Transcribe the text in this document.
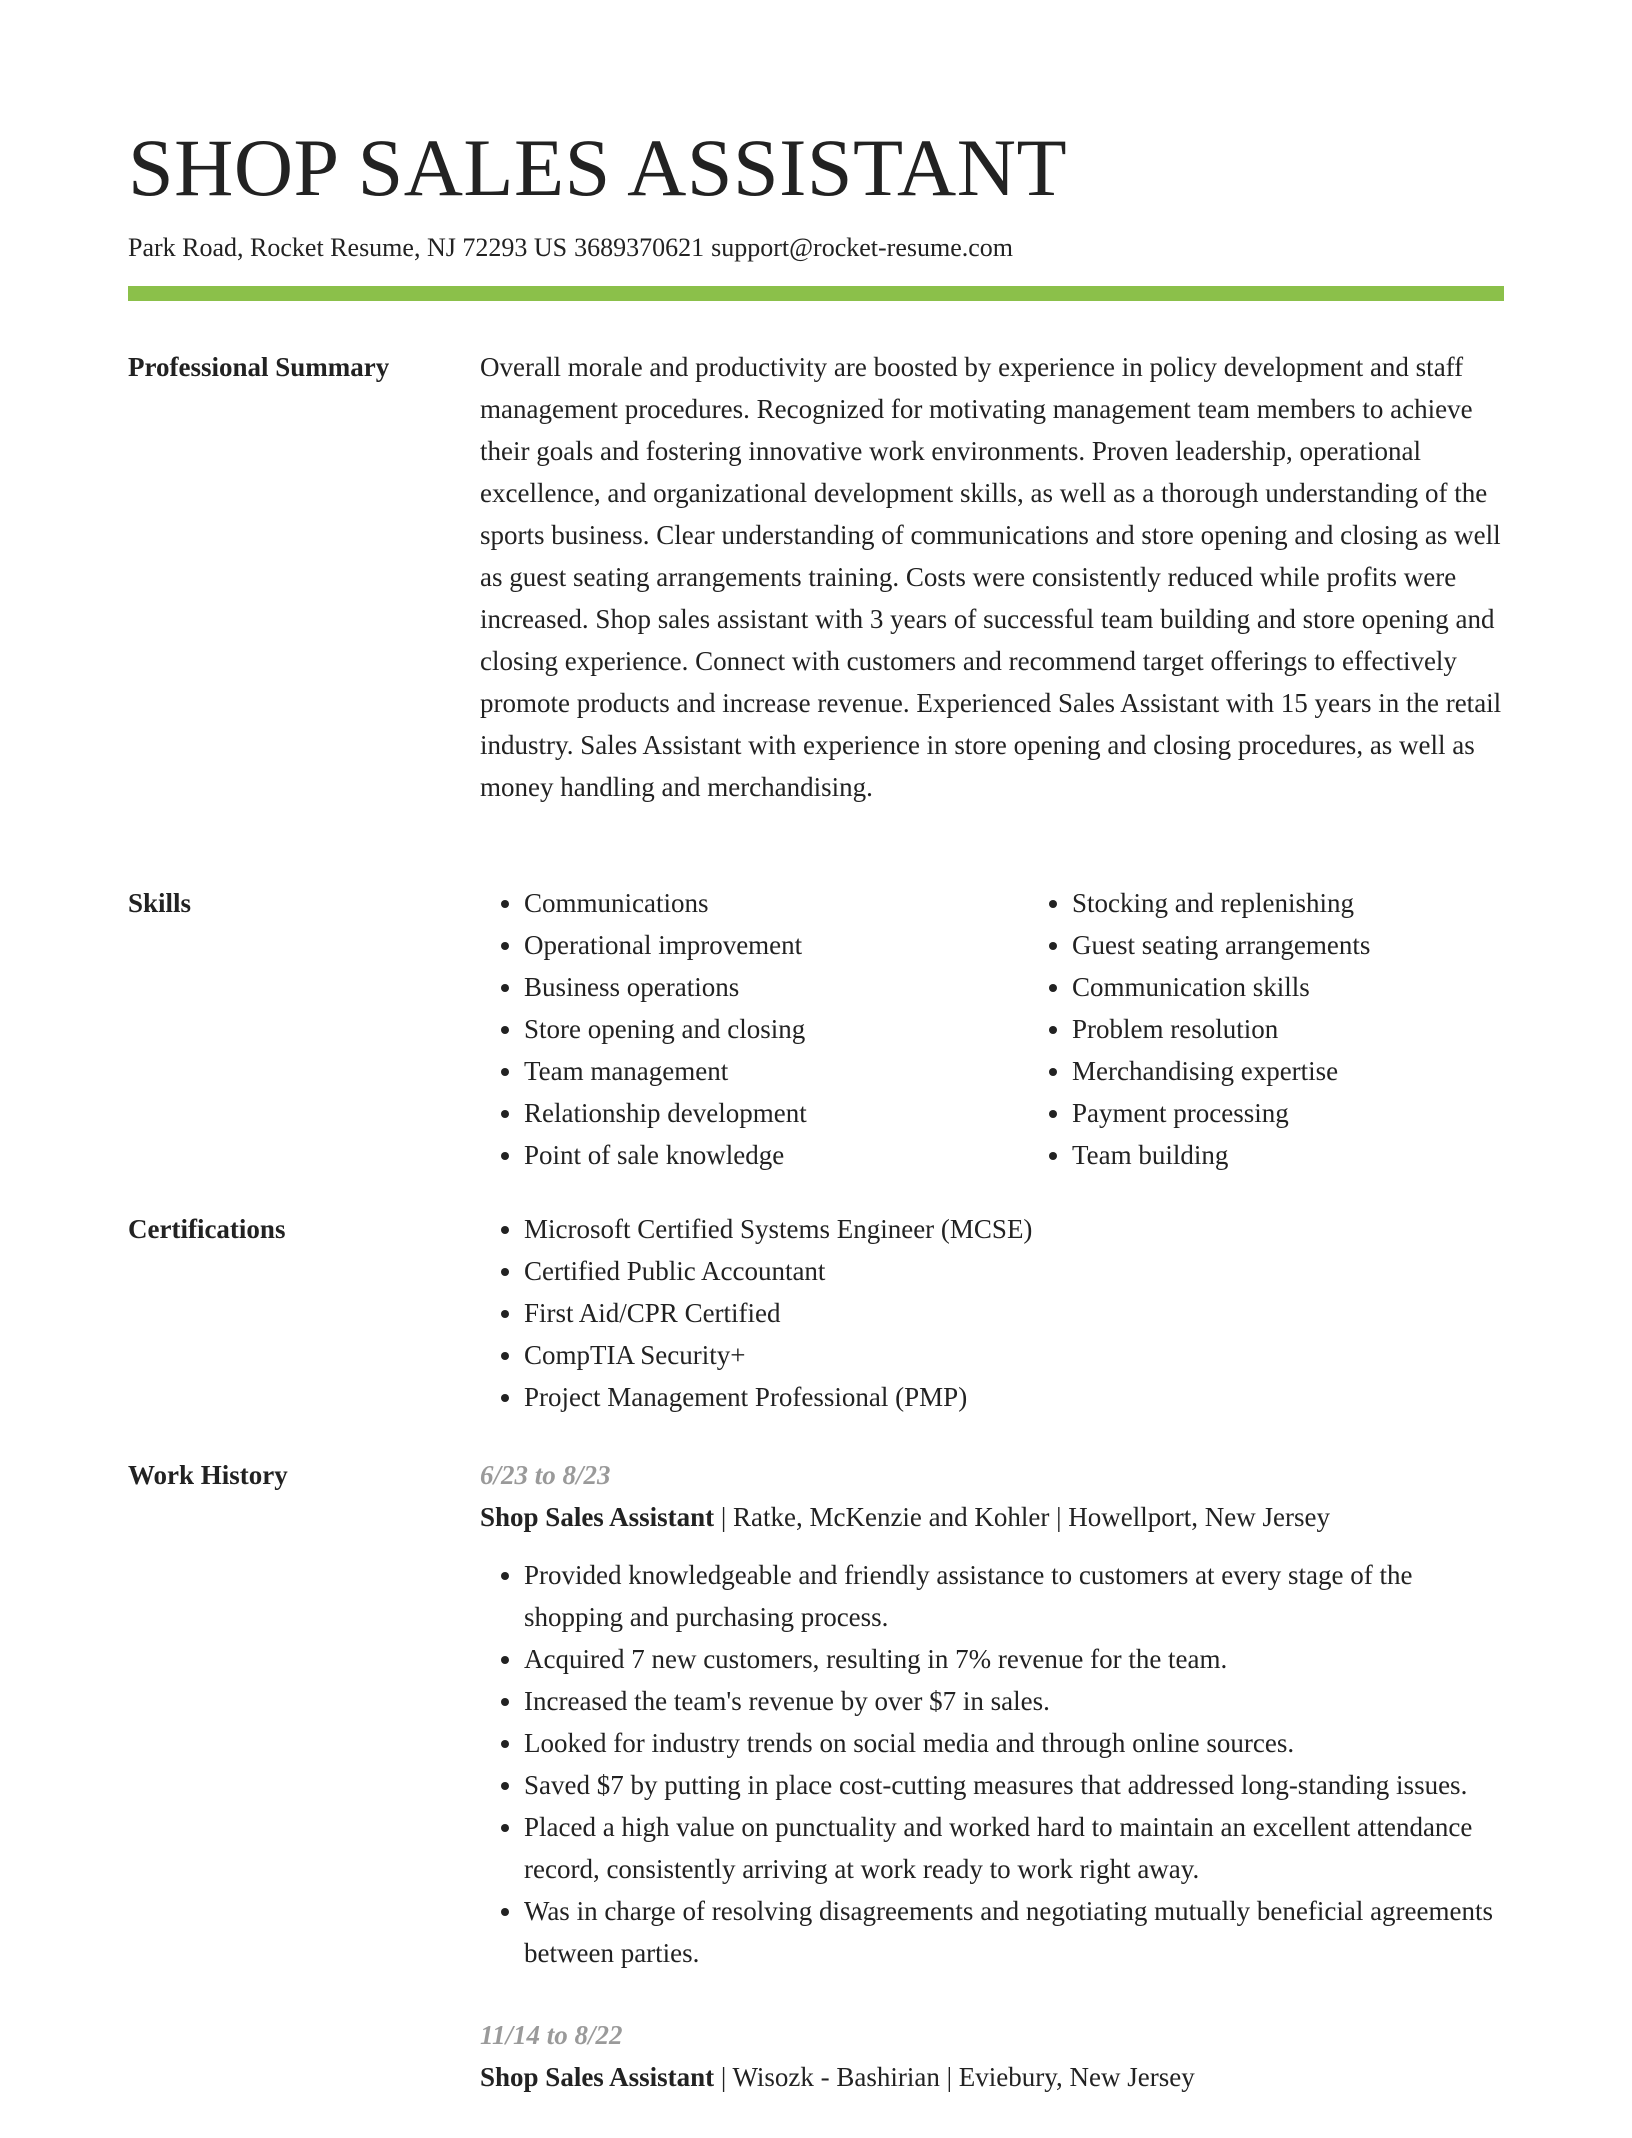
SHOP SALES ASSISTANT
Park Road, Rocket Resume, NJ 72293 US 3689370621 support@rocket-resume.com
Professional Summary	Overall morale and productivity are boosted by experience in policy development and staff management procedures. Recognized for motivating management team members to achieve their goals and fostering innovative work environments. Proven leadership, operational excellence, and organizational development skills, as well as a thorough understanding of the sports business. Clear understanding of communications and store opening and closing as well as guest seating arrangements training. Costs were consistently reduced while profits were increased. Shop sales assistant with 3 years of successful team building and store opening and closing experience. Connect with customers and recommend target offerings to effectively promote products and increase revenue. Experienced Sales Assistant with 15 years in the retail industry. Sales Assistant with experience in store opening and closing procedures, as well as money handling and merchandising.

Skills	• Communications
• Operational improvement
• Business operations
• Store opening and closing
• Team management
• Relationship development
• Point of sale knowledge
• Stocking and replenishing
• Guest seating arrangements
• Communication skills
• Problem resolution
• Merchandising expertise
• Payment processing
• Team building
Certifications	• Microsoft Certified Systems Engineer (MCSE)
• Certified Public Accountant
• First Aid/CPR Certified
• CompTIA Security+
• Project Management Professional (PMP)
Work History	6/23 to 8/23
Shop Sales Assistant | Ratke, McKenzie and Kohler | Howellport, New Jersey
• Provided knowledgeable and friendly assistance to customers at every stage of the shopping and purchasing process.
• Acquired 7 new customers, resulting in 7% revenue for the team.
• Increased the team's revenue by over $7 in sales.
• Looked for industry trends on social media and through online sources.
• Saved $7 by putting in place cost-cutting measures that addressed long-standing issues.
• Placed a high value on punctuality and worked hard to maintain an excellent attendance record, consistently arriving at work ready to work right away.
• Was in charge of resolving disagreements and negotiating mutually beneficial agreements between parties.
11/14 to 8/22
Shop Sales Assistant | Wisozk - Bashirian | Eviebury, New Jersey
